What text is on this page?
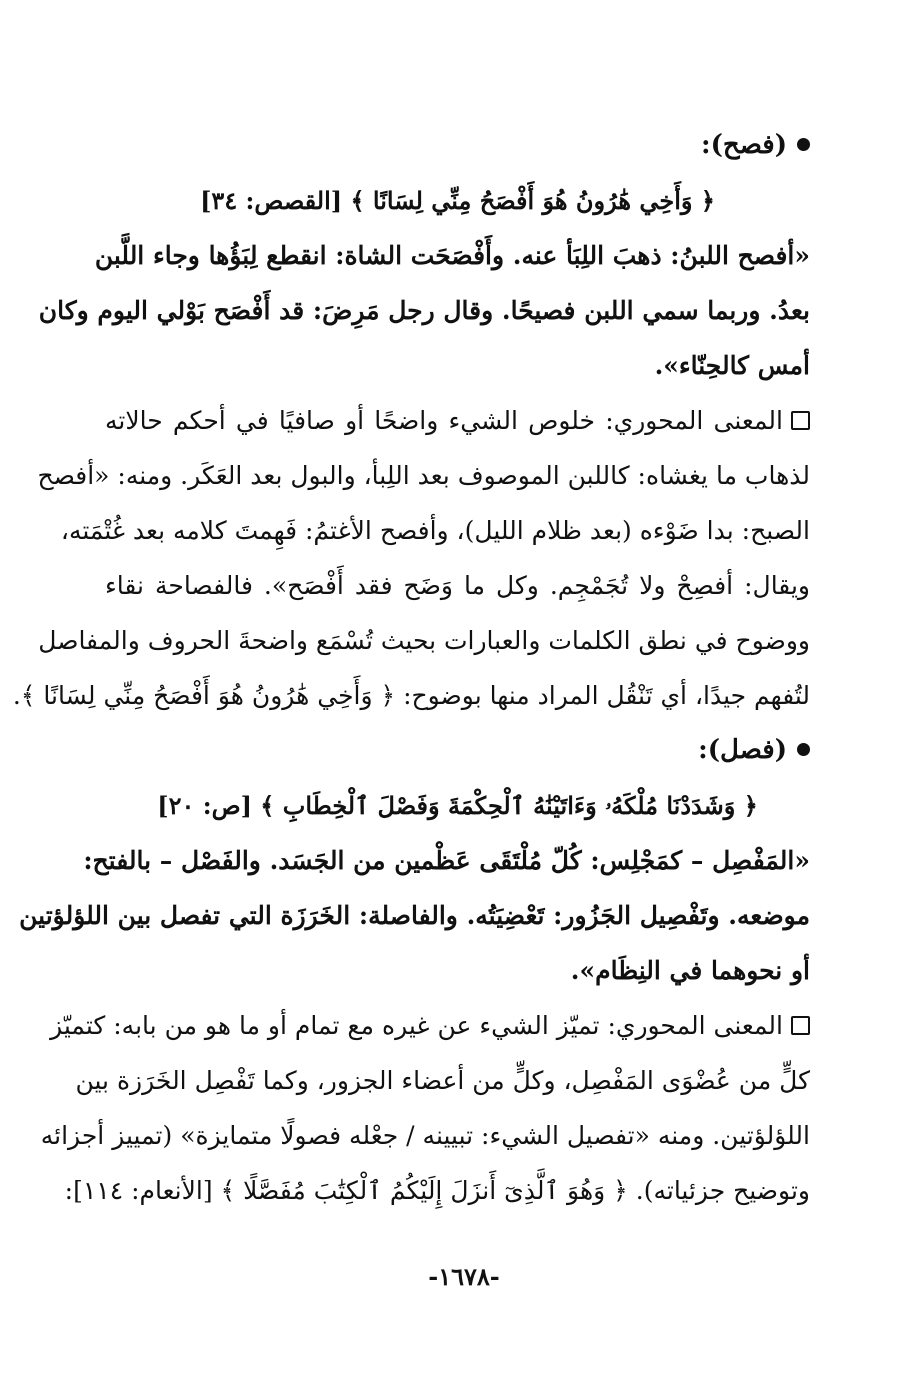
(فصح):
﴿ وَأَخِي هَٰرُونُ هُوَ أَفْصَحُ مِنِّي لِسَانًا ﴾ [القصص: ٣٤]
«أفصح اللبنُ: ذهبَ اللِبَأ عنه. وأَفْصَحَت الشاة: انقطع لِبَؤُها وجاء اللَّبن
بعدُ. وربما سمي اللبن فصيحًا. وقال رجل مَرِضَ: قد أَفْصَح بَوْلي اليوم وكان
أمس كالحِنّاء».
المعنى المحوري: خلوص الشيء واضحًا أو صافيًا في أحكم حالاته
لذهاب ما يغشاه: كاللبن الموصوف بعد اللِبأ، والبول بعد العَكَر. ومنه: «أفصح
الصبح: بدا ضَوْءه (بعد ظلام الليل)، وأفصح الأغتمُ: فَهِمتَ كلامه بعد غُتْمَته،
ويقال: أفصِحْ ولا تُجَمْجِم. وكل ما وَضَح فقد أَفْصَح». فالفصاحة نقاء
ووضوح في نطق الكلمات والعبارات بحيث تُسْمَع واضحةَ الحروف والمفاصل
لتُفهم جيدًا، أي تَنْقُل المراد منها بوضوح: ﴿ وَأَخِي هَٰرُونُ هُوَ أَفْصَحُ مِنِّي لِسَانًا ﴾.
(فصل):
﴿ وَشَدَدْنَا مُلْكَهُۥ وَءَاتَيْنَٰهُ ٱلْحِكْمَةَ وَفَصْلَ ٱلْخِطَابِ ﴾ [ص: ٢٠]
«المَفْصِل – كمَجْلِس: كُلّ مُلْتَقَى عَظْمين من الجَسَد. والفَصْل – بالفتح:
موضعه. وتَفْصِيل الجَزُور: تَعْضِيَتُه. والفاصلة: الخَرَزَة التي تفصل بين اللؤلؤتين
أو نحوهما في النِظَام».
المعنى المحوري: تميّز الشيء عن غيره مع تمام أو ما هو من بابه: كتميّز
كلٍّ من عُضْوَى المَفْصِل، وكلٍّ من أعضاء الجزور، وكما تَفْصِل الخَرَزة بين
اللؤلؤتين. ومنه «تفصيل الشيء: تبيينه / جعْله فصولًا متمايزة» (تمييز أجزائه
وتوضيح جزئياته). ﴿ وَهُوَ ٱلَّذِىٓ أَنزَلَ إِلَيْكُمُ ٱلْكِتَٰبَ مُفَصَّلًا ﴾ [الأنعام: ١١٤]:
-١٦٧٨-
